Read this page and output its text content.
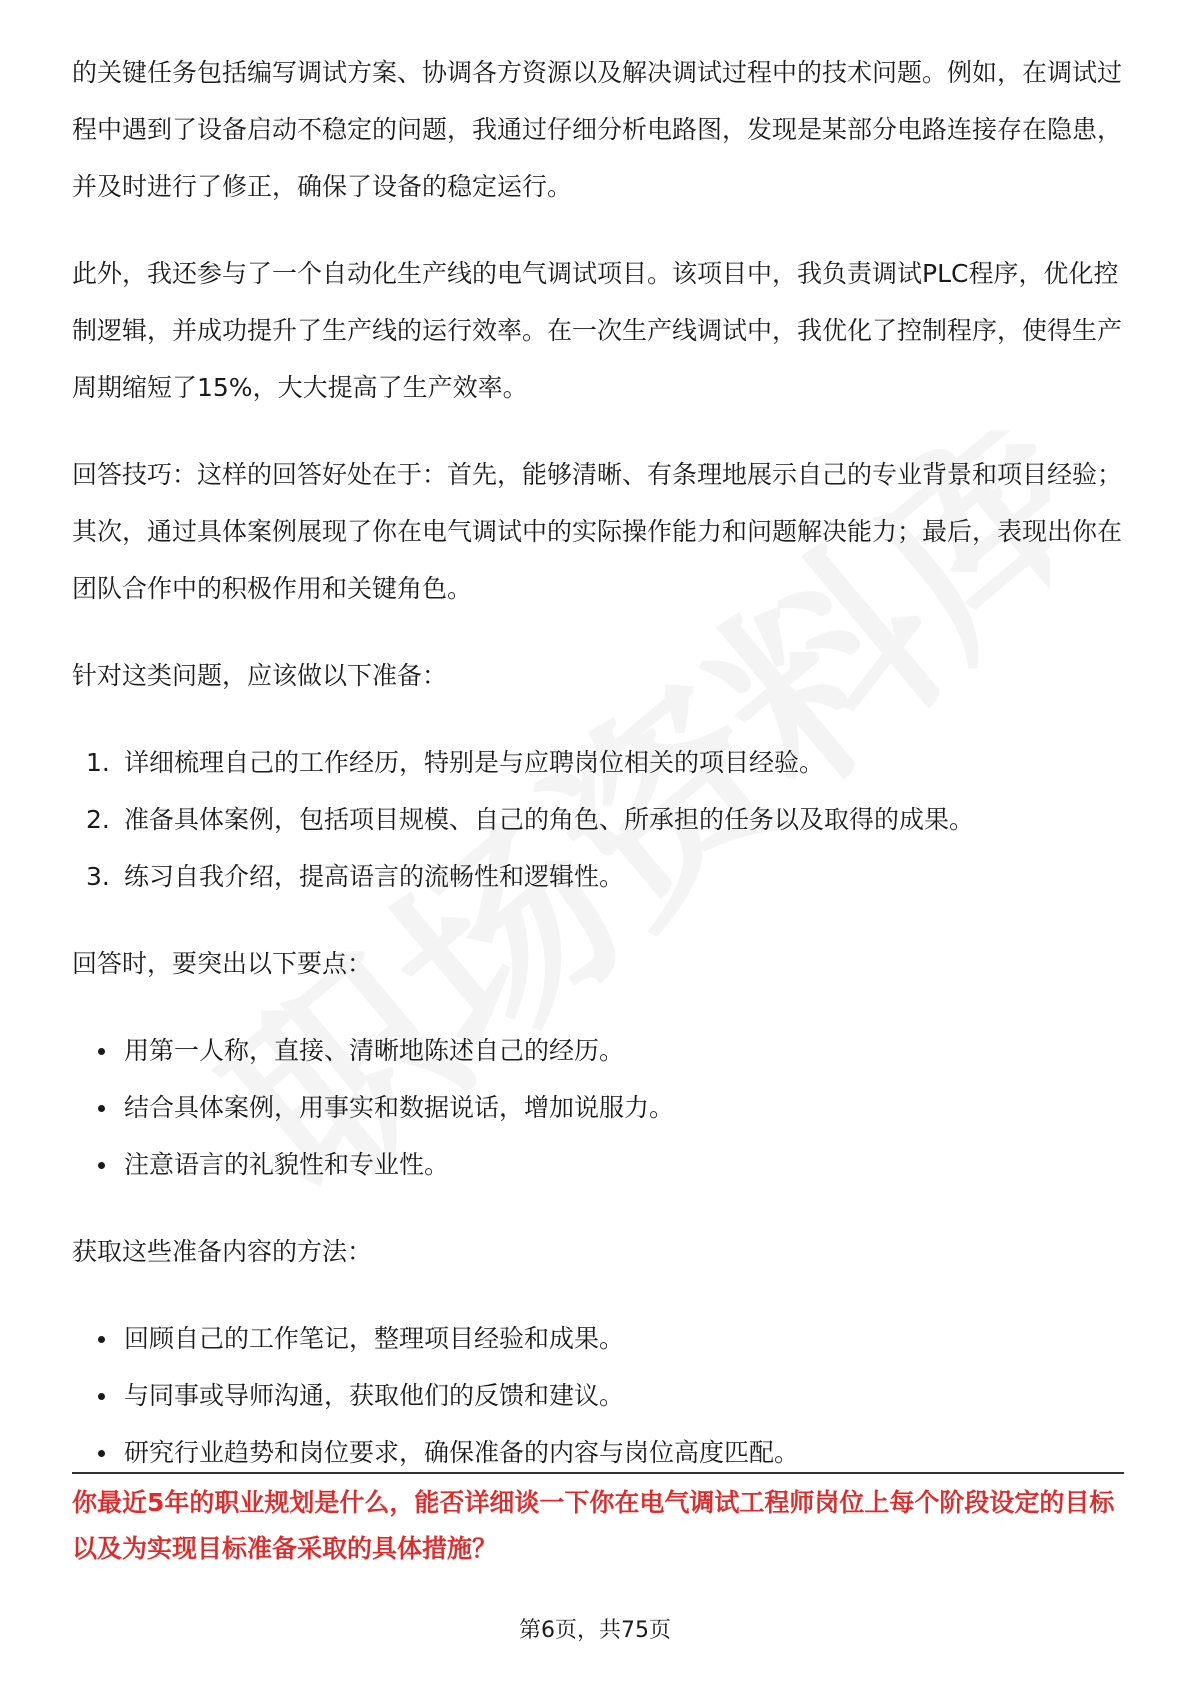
的关键任务包括编写调试方案、协调各方资源以及解决调试过程中的技术问题。例如，在调试过程中遇到了设备启动不稳定的问题，我通过仔细分析电路图，发现是某部分电路连接存在隐患，并及时进行了修正，确保了设备的稳定运行。

此外，我还参与了一个自动化生产线的电气调试项目。该项目中，我负责调试PLC程序，优化控制逻辑，并成功提升了生产线的运行效率。在一次生产线调试中，我优化了控制程序，使得生产周期缩短了15%，大大提高了生产效率。

回答技巧：这样的回答好处在于：首先，能够清晰、有条理地展示自己的专业背景和项目经验；其次，通过具体案例展现了你在电气调试中的实际操作能力和问题解决能力；最后，表现出你在团队合作中的积极作用和关键角色。

针对这类问题，应该做以下准备：

1. 详细梳理自己的工作经历，特别是与应聘岗位相关的项目经验。
2. 准备具体案例，包括项目规模、自己的角色、所承担的任务以及取得的成果。
3. 练习自我介绍，提高语言的流畅性和逻辑性。

回答时，要突出以下要点：

用第一人称，直接、清晰地陈述自己的经历。
结合具体案例，用事实和数据说话，增加说服力。
注意语言的礼貌性和专业性。

获取这些准备内容的方法：

回顾自己的工作笔记，整理项目经验和成果。
与同事或导师沟通，获取他们的反馈和建议。
研究行业趋势和岗位要求，确保准备的内容与岗位高度匹配。
你最近5年的职业规划是什么，能否详细谈一下你在电气调试工程师岗位上每个阶段设定的目标以及为实现目标准备采取的具体措施？
第6页，共75页
